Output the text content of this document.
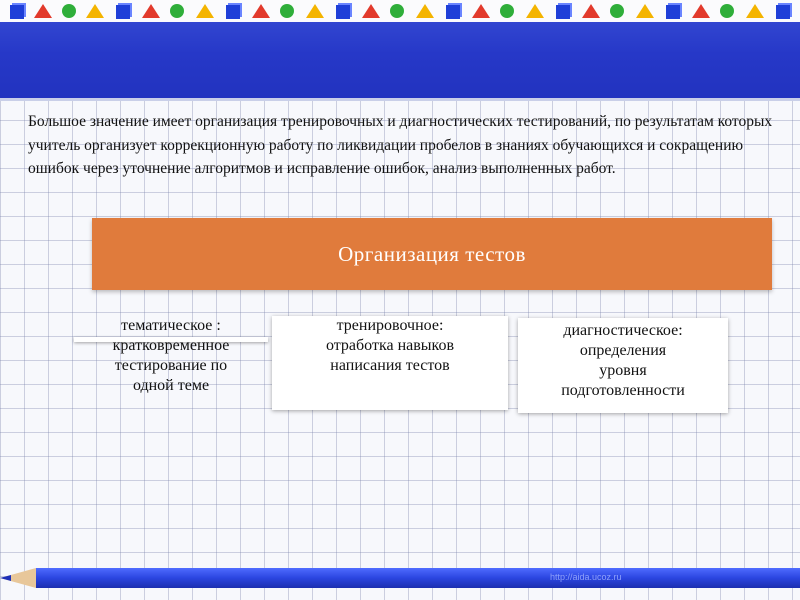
Большое значение имеет организация тренировочных и диагностических тестирований, по результатам которых учитель организует коррекционную работу по ликвидации пробелов в знаниях обучающихся и сокращению ошибок через уточнение алгоритмов и исправление ошибок, анализ выполненных работ.

Организация тестов
тематическое :
кратковременное
тестирование по
одной теме
тренировочное:
отработка навыков
написания тестов
диагностическое:
определения
уровня
подготовленности
http://aida.ucoz.ru
